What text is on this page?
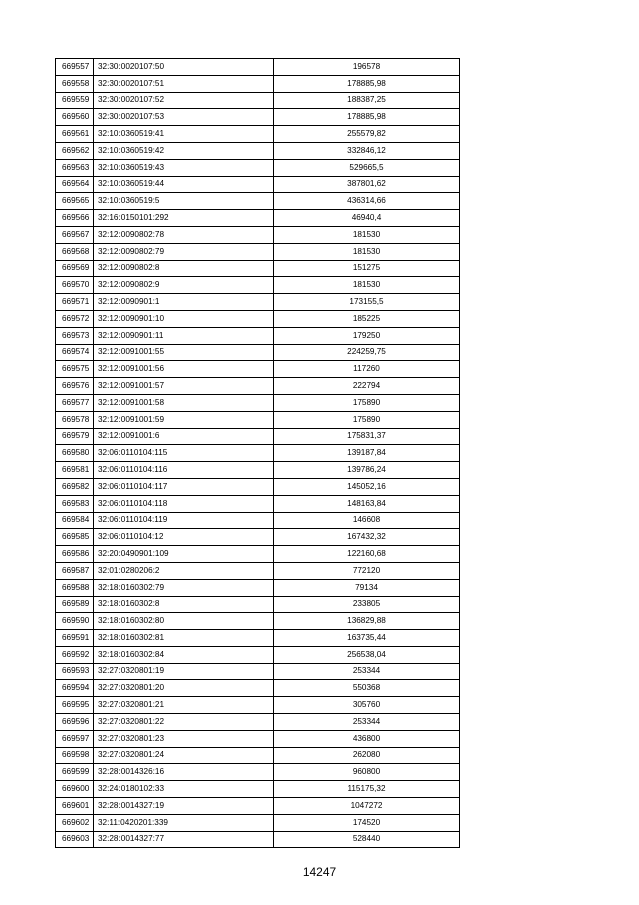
669557	32:30:0020107:50	196578
669558	32:30:0020107:51	178885,98
669559	32:30:0020107:52	188387,25
669560	32:30:0020107:53	178885,98
669561	32:10:0360519:41	255579,82
669562	32:10:0360519:42	332846,12
669563	32:10:0360519:43	529665,5
669564	32:10:0360519:44	387801,62
669565	32:10:0360519:5	436314,66
669566	32:16:0150101:292	46940,4
669567	32:12:0090802:78	181530
669568	32:12:0090802:79	181530
669569	32:12:0090802:8	151275
669570	32:12:0090802:9	181530
669571	32:12:0090901:1	173155,5
669572	32:12:0090901:10	185225
669573	32:12:0090901:11	179250
669574	32:12:0091001:55	224259,75
669575	32:12:0091001:56	117260
669576	32:12:0091001:57	222794
669577	32:12:0091001:58	175890
669578	32:12:0091001:59	175890
669579	32:12:0091001:6	175831,37
669580	32:06:0110104:115	139187,84
669581	32:06:0110104:116	139786,24
669582	32:06:0110104:117	145052,16
669583	32:06:0110104:118	148163,84
669584	32:06:0110104:119	146608
669585	32:06:0110104:12	167432,32
669586	32:20:0490901:109	122160,68
669587	32:01:0280206:2	772120
669588	32:18:0160302:79	79134
669589	32:18:0160302:8	233805
669590	32:18:0160302:80	136829,88
669591	32:18:0160302:81	163735,44
669592	32:18:0160302:84	256538,04
669593	32:27:0320801:19	253344
669594	32:27:0320801:20	550368
669595	32:27:0320801:21	305760
669596	32:27:0320801:22	253344
669597	32:27:0320801:23	436800
669598	32:27:0320801:24	262080
669599	32:28:0014326:16	960800
669600	32:24:0180102:33	115175,32
669601	32:28:0014327:19	1047272
669602	32:11:0420201:339	174520
669603	32:28:0014327:77	528440
14247
